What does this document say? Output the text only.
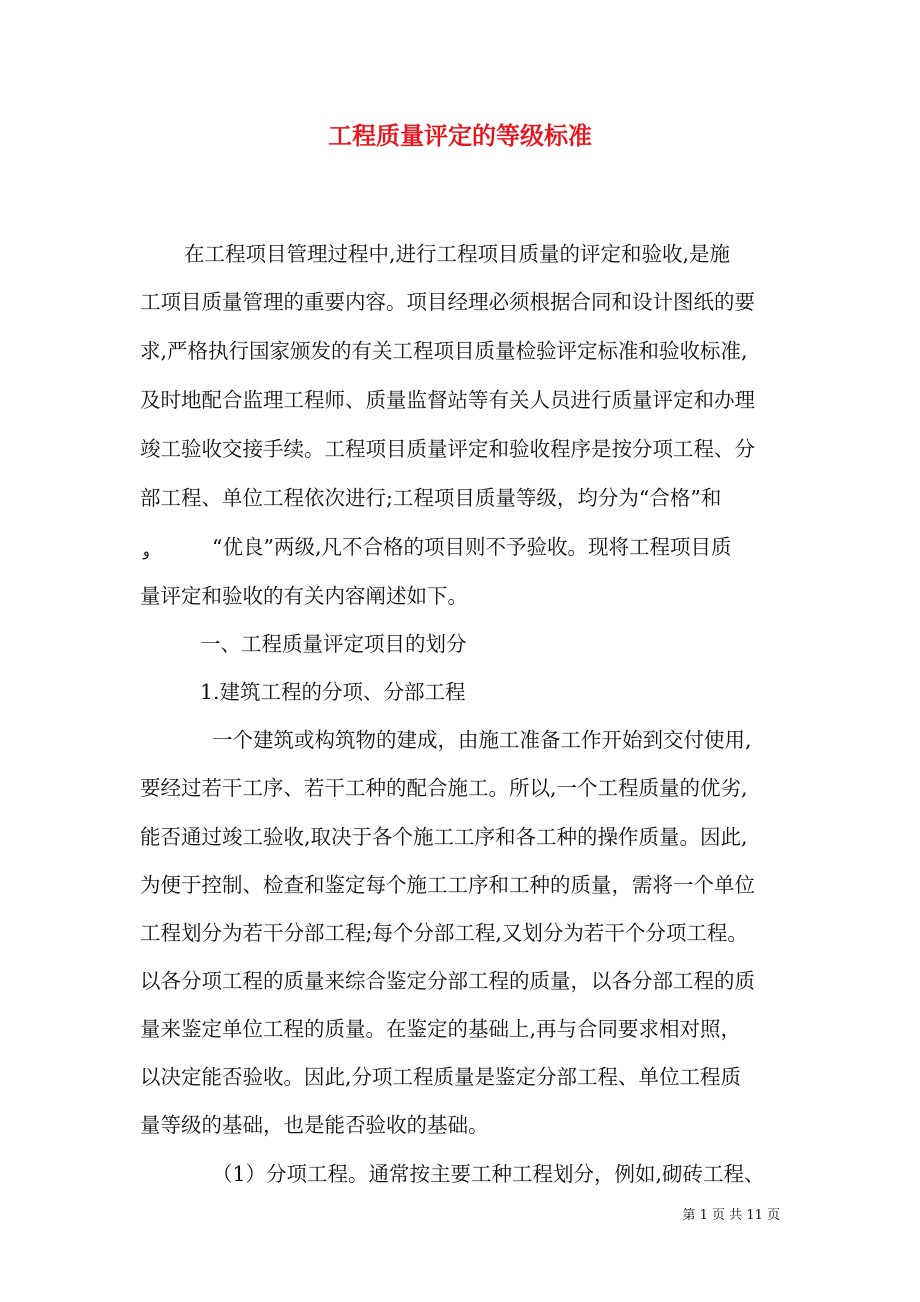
工程质量评定的等级标准

在工程项目管理过程中,进行工程项目质量的评定和验收,是施

工项目质量管理的重要内容。项目经理必须根据合同和设计图纸的要

求,严格执行国家颁发的有关工程项目质量检验评定标准和验收标准,

及时地配合监理工程师、质量监督站等有关人员进行质量评定和办理

竣工验收交接手续。工程项目质量评定和验收程序是按分项工程、分

部工程、单位工程依次进行;工程项目质量等级，均分为“合格”和

و	“优良”两级,凡不合格的项目则不予验收。现将工程项目质

量评定和验收的有关内容阐述如下。

一、工程质量评定项目的划分

1.建筑工程的分项、分部工程

一个建筑或构筑物的建成，由施工准备工作开始到交付使用,

要经过若干工序、若干工种的配合施工。所以,一个工程质量的优劣,

能否通过竣工验收,取决于各个施工工序和各工种的操作质量。因此,

为便于控制、检查和鉴定每个施工工序和工种的质量，需将一个单位

工程划分为若干分部工程;每个分部工程,又划分为若干个分项工程。

以各分项工程的质量来综合鉴定分部工程的质量，以各分部工程的质

量来鉴定单位工程的质量。在鉴定的基础上,再与合同要求相对照，

以决定能否验收。因此,分项工程质量是鉴定分部工程、单位工程质

量等级的基础，也是能否验收的基础。

（1）分项工程。通常按主要工种工程划分，例如,砌砖工程、

第 1 页 共 11 页
